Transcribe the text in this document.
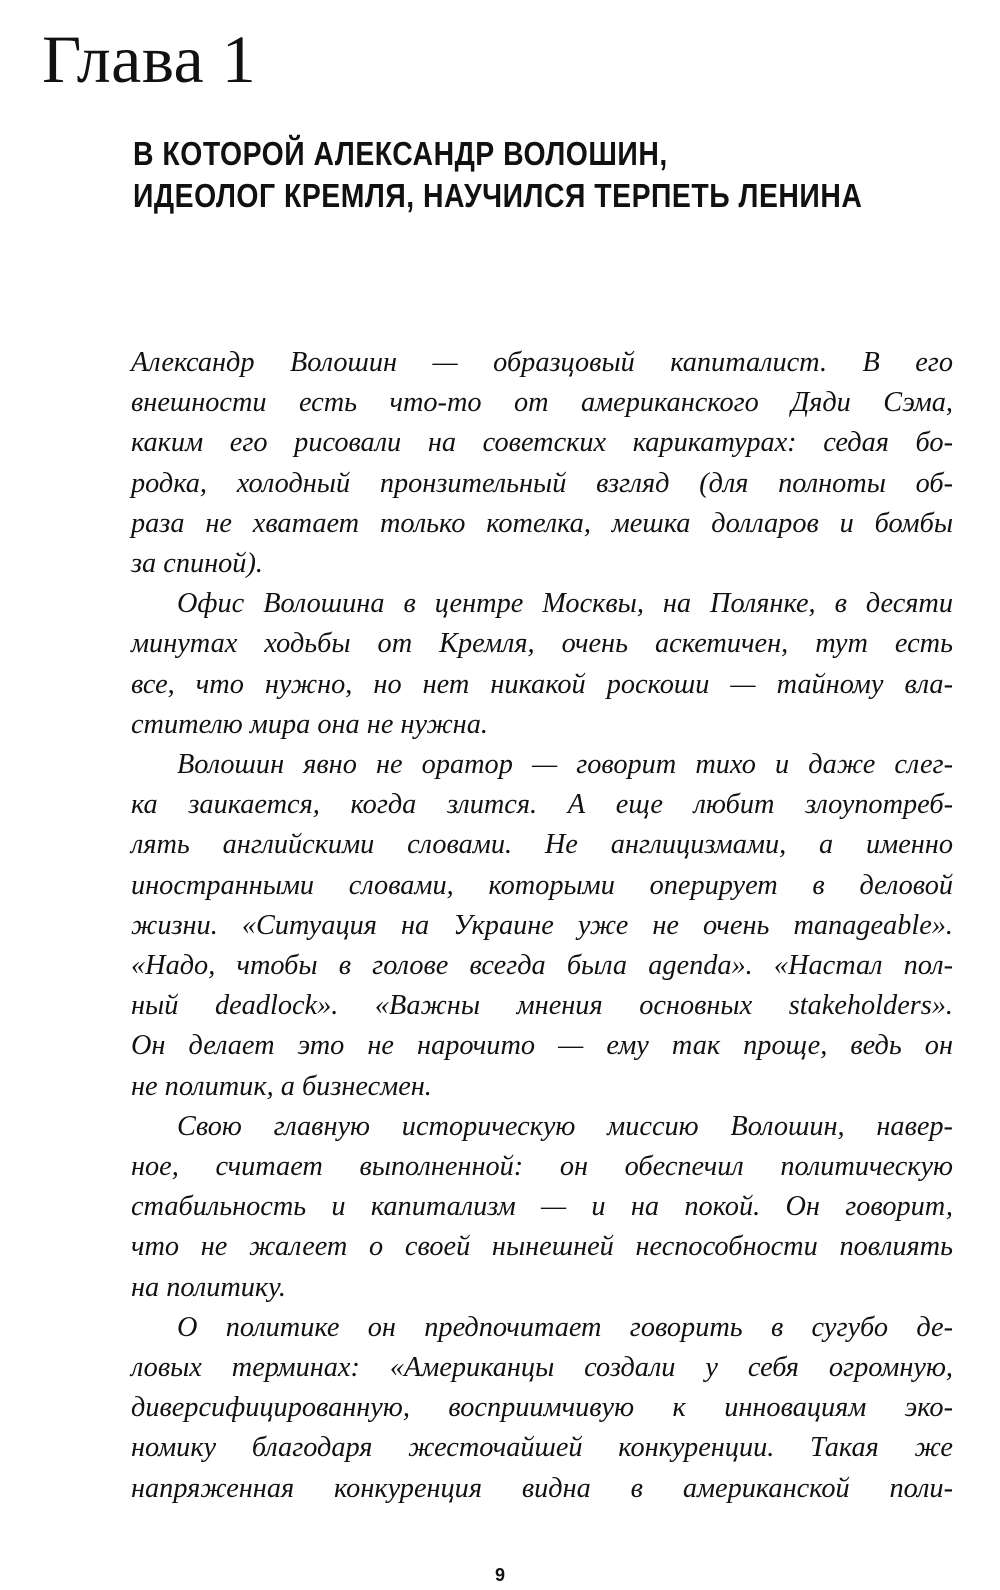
Глава 1
В КОТОРОЙ АЛЕКСАНДР ВОЛОШИН,
ИДЕОЛОГ КРЕМЛЯ, НАУЧИЛСЯ ТЕРПЕТЬ ЛЕНИНА

Александр Волошин — образцовый капиталист. В его
внешности есть что-то от американского Дяди Сэма,
каким его рисовали на советских карикатурах: седая бо-
родка, холодный пронзительный взгляд (для полноты об-
раза не хватает только котелка, мешка долларов и бомбы
за спиной).

Офис Волошина в центре Москвы, на Полянке, в десяти
минутах ходьбы от Кремля, очень аскетичен, тут есть
все, что нужно, но нет никакой роскоши — тайному вла-
стителю мира она не нужна.

Волошин явно не оратор — говорит тихо и даже слег-
ка заикается, когда злится. А еще любит злоупотреб-
лять английскими словами. Не англицизмами, а именно
иностранными словами, которыми оперирует в деловой
жизни. «Ситуация на Украине уже не очень manageable».
«Надо, чтобы в голове всегда была agenda». «Настал пол-
ный deadlock». «Важны мнения основных stakeholders».
Он делает это не нарочито — ему так проще, ведь он
не политик, а бизнесмен.

Свою главную историческую миссию Волошин, навер-
ное, считает выполненной: он обеспечил политическую
стабильность и капитализм — и на покой. Он говорит,
что не жалеет о своей нынешней неспособности повлиять
на политику.

О политике он предпочитает говорить в сугубо де-
ловых терминах: «Американцы создали у себя огромную,
диверсифицированную, восприимчивую к инновациям эко-
номику благодаря жесточайшей конкуренции. Такая же
напряженная конкуренция видна в американской поли-

9
